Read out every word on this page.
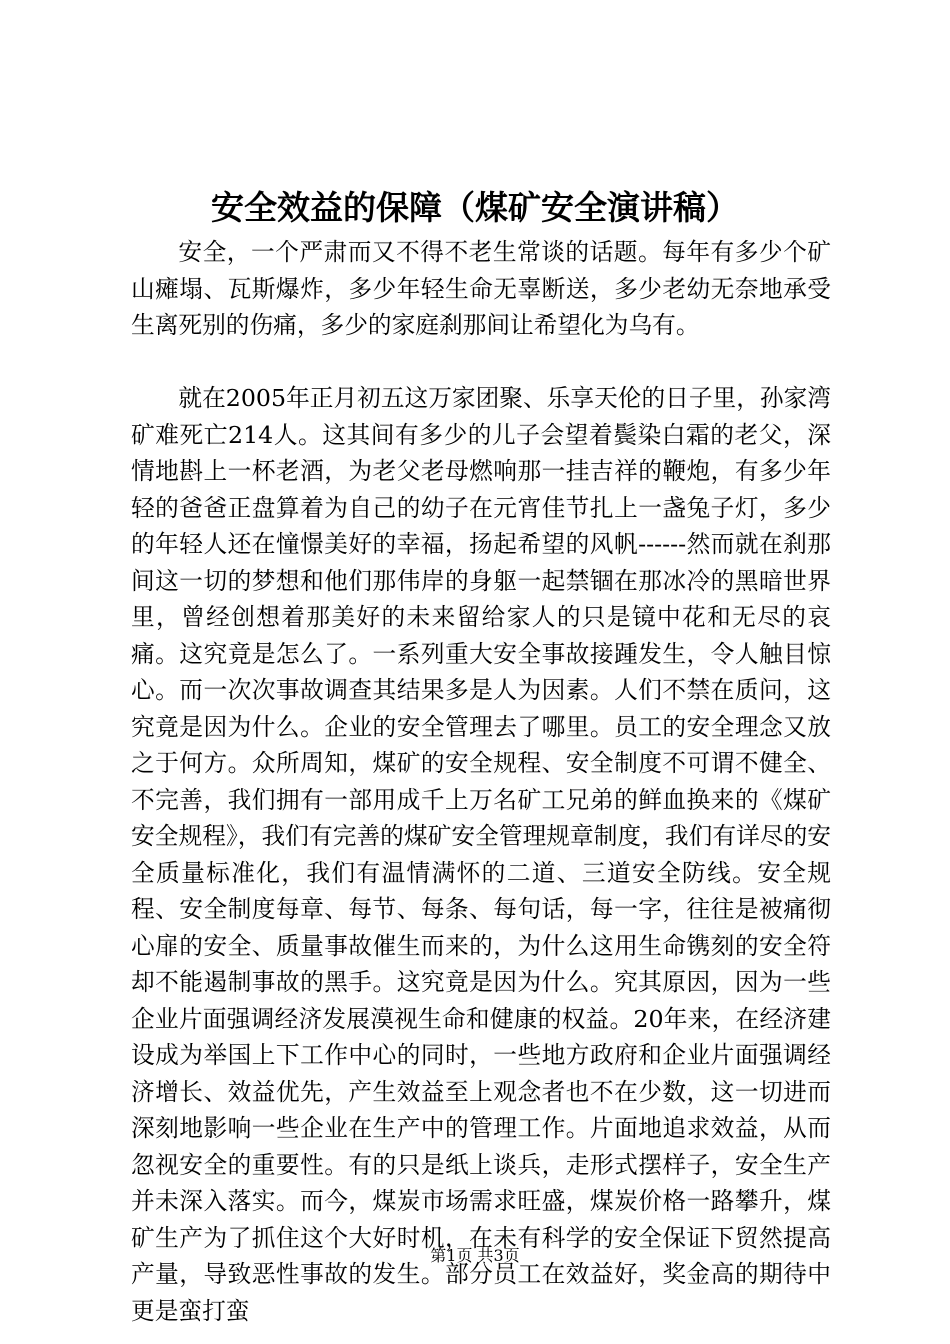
安全效益的保障（煤矿安全演讲稿）

安全，一个严肃而又不得不老生常谈的话题。每年有多少个矿山瘫塌、瓦斯爆炸，多少年轻生命无辜断送，多少老幼无奈地承受生离死别的伤痛，多少的家庭刹那间让希望化为乌有。

就在2005年正月初五这万家团聚、乐享天伦的日子里，孙家湾矿难死亡214人。这其间有多少的儿子会望着鬓染白霜的老父，深情地斟上一杯老酒，为老父老母燃响那一挂吉祥的鞭炮，有多少年轻的爸爸正盘算着为自己的幼子在元宵佳节扎上一盏兔子灯，多少的年轻人还在憧憬美好的幸福，扬起希望的风帆------然而就在刹那间这一切的梦想和他们那伟岸的身躯一起禁锢在那冰冷的黑暗世界里，曾经创想着那美好的未来留给家人的只是镜中花和无尽的哀痛。这究竟是怎么了。一系列重大安全事故接踵发生，令人触目惊心。而一次次事故调查其结果多是人为因素。人们不禁在质问，这究竟是因为什么。企业的安全管理去了哪里。员工的安全理念又放之于何方。众所周知，煤矿的安全规程、安全制度不可谓不健全、不完善，我们拥有一部用成千上万名矿工兄弟的鲜血换来的《煤矿安全规程》，我们有完善的煤矿安全管理规章制度，我们有详尽的安全质量标准化，我们有温情满怀的二道、三道安全防线。安全规程、安全制度每章、每节、每条、每句话，每一字，往往是被痛彻心扉的安全、质量事故催生而来的，为什么这用生命镌刻的安全符却不能遏制事故的黑手。这究竟是因为什么。究其原因，因为一些企业片面强调经济发展漠视生命和健康的权益。20年来，在经济建设成为举国上下工作中心的同时，一些地方政府和企业片面强调经济增长、效益优先，产生效益至上观念者也不在少数，这一切进而深刻地影响一些企业在生产中的管理工作。片面地追求效益，从而忽视安全的重要性。有的只是纸上谈兵，走形式摆样子，安全生产并未深入落实。而今，煤炭市场需求旺盛，煤炭价格一路攀升，煤矿生产为了抓住这个大好时机，在未有科学的安全保证下贸然提高产量，导致恶性事故的发生。部分员工在效益好，奖金高的期待中更是蛮打蛮

第1页 共3页
